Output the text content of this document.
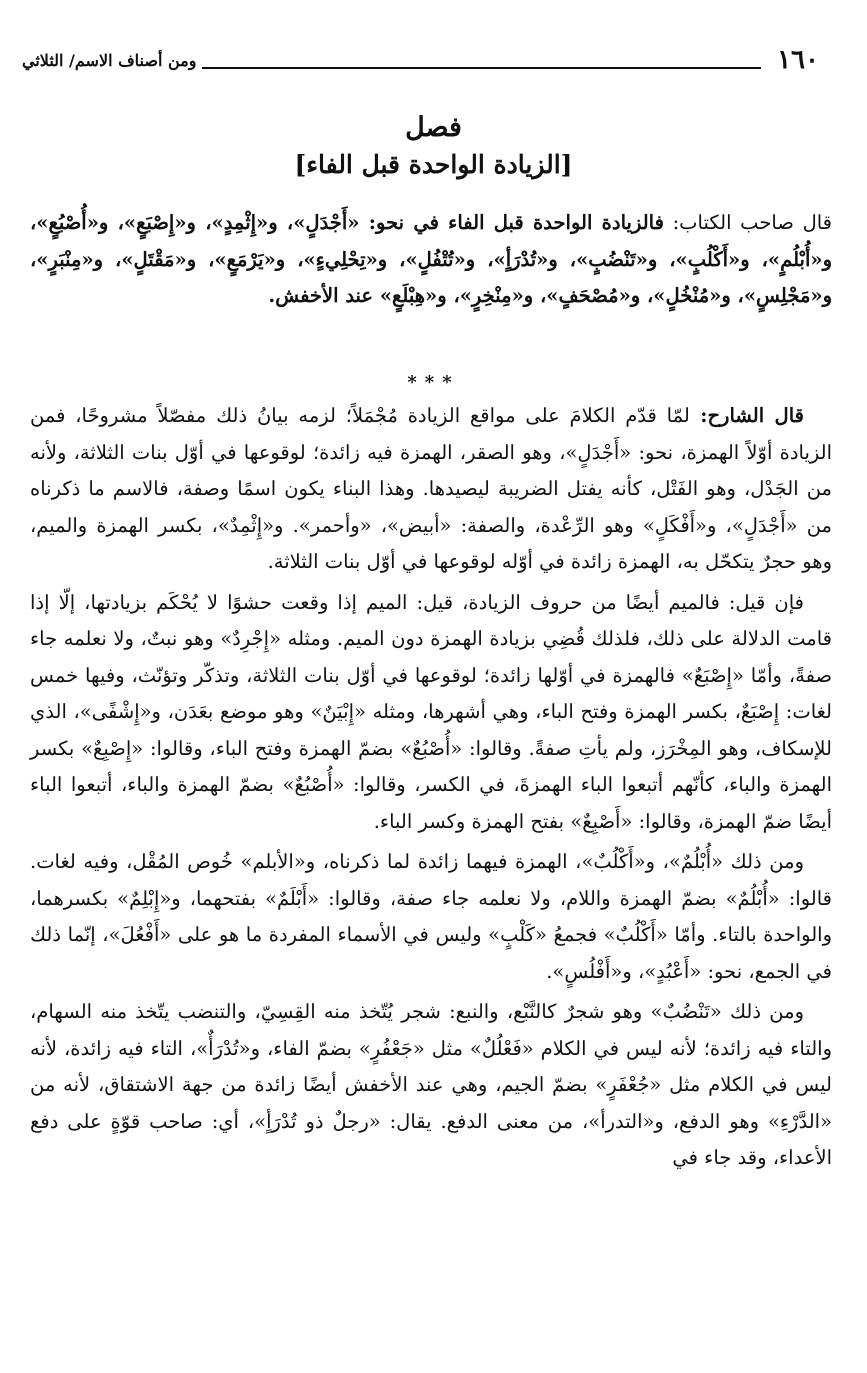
١٦٠
ومن أصناف الاسم/ الثلاثي
فصل
[الزيادة الواحدة قبل الفاء]
قال صاحب الكتاب: فالزيادة الواحدة قبل الفاء في نحو: «أَجْدَلٍ»، و«إِثْمِدٍ»، و«إِصْبَعٍ»، و«أُصْبُعٍ»، و«أُبْلُمٍ»، و«أَكْلُبٍ»، و«تَنْضُبٍ»، و«تُدْرَأٍ»، و«تُتْفُلٍ»، و«تِحْلِيءٍ»، و«يَرْمَعٍ»، و«مَقْتَلٍ»، و«مِنْبَرٍ»، و«مَجْلِسٍ»، و«مُنْخُلٍ»، و«مُصْحَفٍ»، و«مِنْخِرٍ»، و«هِبْلَعٍ» عند الأخفش.
***

قال الشارح: لمّا قدّم الكلامَ على مواقع الزيادة مُجْمَلاً؛ لزمه بيانُ ذلك مفصّلاً مشروحًا، فمن الزيادة أوّلاً الهمزة، نحو: «أَجْدَلٍ»، وهو الصقر، الهمزة فيه زائدة؛ لوقوعها في أوّل بنات الثلاثة، ولأنه من الجَدْل، وهو الفَتْل، كأنه يفتل الضريبة ليصيدها. وهذا البناء يكون اسمًا وصفة، فالاسم ما ذكرناه من «أَجْدَلٍ»، و«أَفْكَلٍ» وهو الرِّعْدة، والصفة: «أبيض»، «وأحمر». و«إِثْمِدٌ»، بكسر الهمزة والميم، وهو حجرٌ يتكحّل به، الهمزة زائدة في أوّله لوقوعها في أوّل بنات الثلاثة.

فإن قيل: فالميم أيضًا من حروف الزيادة، قيل: الميم إذا وقعت حشوًا لا يُحْكَم بزيادتها، إلّا إذا قامت الدلالة على ذلك، فلذلك قُضِي بزيادة الهمزة دون الميم. ومثله «إِجْرِدٌ» وهو نبتٌ، ولا نعلمه جاء صفةً، وأمّا «إِصْبَعٌ» فالهمزة في أوّلها زائدة؛ لوقوعها في أوّل بنات الثلاثة، وتذكّر وتؤنّث، وفيها خمس لغات: إِصْبَعٌ، بكسر الهمزة وفتح الباء، وهي أشهرها، ومثله «إِبْيَنٌ» وهو موضع بعَدَن، و«إِشْفًى»، الذي للإسكاف، وهو المِخْرَز، ولم يأتِ صفةً. وقالوا: «أُصْبُعٌ» بضمّ الهمزة وفتح الباء، وقالوا: «إِصْبِعٌ» بكسر الهمزة والباء، كأنّهم أتبعوا الباء الهمزةَ، في الكسر، وقالوا: «أُصْبُعٌ» بضمّ الهمزة والباء، أتبعوا الباء أيضًا ضمّ الهمزة، وقالوا: «أَصْبِعٌ» بفتح الهمزة وكسر الباء.

ومن ذلك «أُبْلُمٌ»، و«أَكْلُبٌ»، الهمزة فيهما زائدة لما ذكرناه، و«الأبلم» خُوص المُقْل، وفيه لغات. قالوا: «أُبْلُمٌ» بضمّ الهمزة واللام، ولا نعلمه جاء صفة، وقالوا: «أَبْلَمٌ» بفتحهما، و«إِبْلِمٌ» بكسرهما، والواحدة بالتاء. وأمّا «أَكْلُبٌ» فجمعُ «كَلْبٍ» وليس في الأسماء المفردة ما هو على «أَفْعُلَ»، إنّما ذلك في الجمع، نحو: «أَعْبُدٍ»، و«أَفْلُسٍ».

ومن ذلك «تَنْضُبٌ» وهو شجرٌ كالنَّبْع، والنبع: شجر يُتّخذ منه القِسِيّ، والتنضب يتّخذ منه السهام، والتاء فيه زائدة؛ لأنه ليس في الكلام «فَعْلُلٌ» مثل «جَعْفُرٍ» بضمّ الفاء، و«تُدْرَأٌ»، التاء فيه زائدة، لأنه ليس في الكلام مثل «جُعْفَرٍ» بضمّ الجيم، وهي عند الأخفش أيضًا زائدة من جهة الاشتقاق، لأنه من «الدَّرْءِ» وهو الدفع، و«التدرأ»، من معنى الدفع. يقال: «رجلٌ ذو تُدْرَأٍ»، أي: صاحب قوّةٍ على دفع الأعداء، وقد جاء في
